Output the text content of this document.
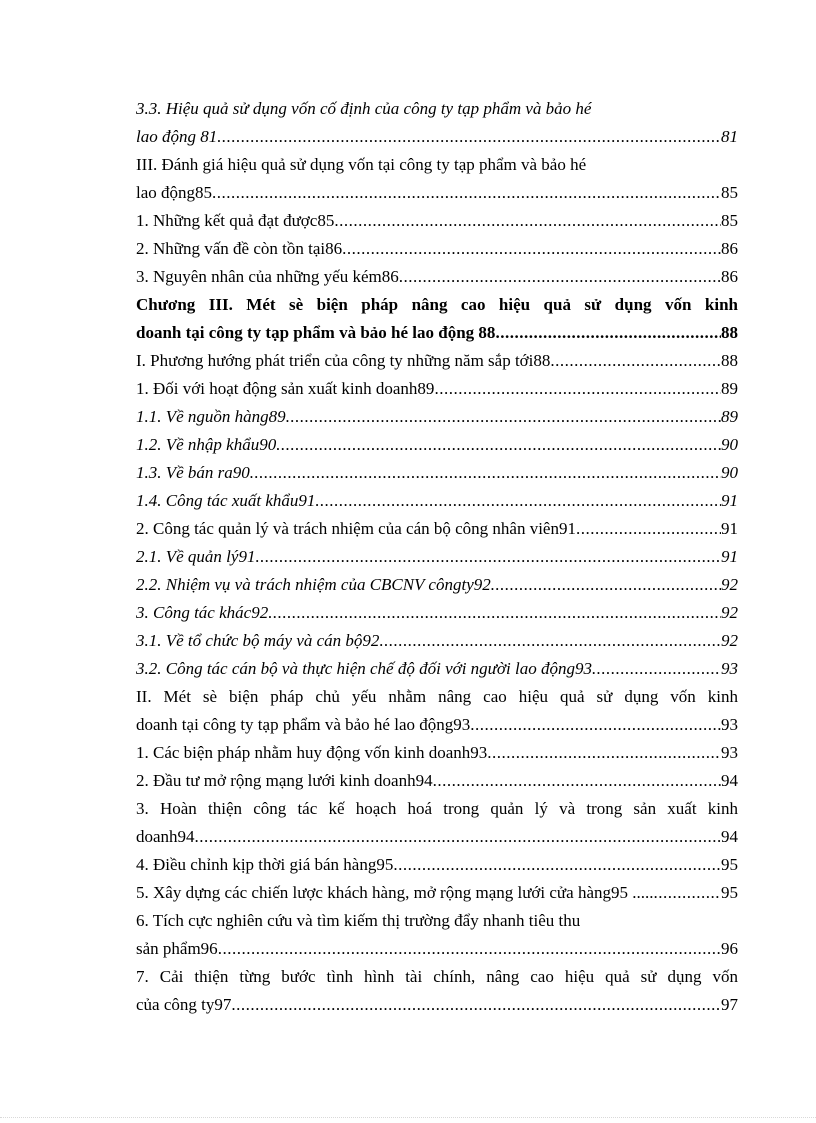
3.3. Hiệu quả sử dụng vốn cố định của công ty tạp phẩm và bảo hé
lao động 81 .....	81
III. Đánh giá hiệu quả sử dụng vốn tại công ty tạp phẩm và bảo hé
lao động85 .....	85
1. Những kết quả đạt được85 .....	85
2. Những vấn đề còn tồn tại86 .....	86
3. Nguyên nhân của những yếu kém86 .....	86
Chương III. Mét sè biện pháp nâng cao hiệu quả sử dụng vốn kinh
doanh tại công ty tạp phẩm và bảo hé lao động 88 .....	88
I. Phương hướng phát triển của công ty những năm sắp tới88 .....	88
1. Đối với hoạt động sản xuất kinh doanh89 .....	89
1.1. Về nguồn hàng89 .....	89
1.2. Về nhập khẩu90 .....	90
1.3. Về bán ra90 .....	90
1.4. Công tác xuất khẩu91 .....	91
2. Công tác quản lý và trách nhiệm của cán bộ công nhân viên91 .....	91
2.1. Về quản lý91 .....	91
2.2. Nhiệm vụ và trách nhiệm của CBCNV côngty92 .....	92
3. Công tác khác92 .....	92
3.1. Về tổ chức bộ máy và cán bộ92 .....	92
3.2. Công tác cán bộ và thực hiện chế độ đối với người lao động93 .....	93
II. Mét sè biện pháp chủ yếu nhằm nâng cao hiệu quả sử dụng vốn kinh
doanh tại công ty tạp phẩm và bảo hé lao động93 .....	93
1. Các biện pháp nhằm huy động vốn kinh doanh93 .....	93
2. Đầu tư mở rộng mạng lưới kinh doanh94 .....	94
3. Hoàn thiện công tác kế hoạch hoá trong quản lý và trong sản xuất kinh
doanh94 .....	94
4. Điều chỉnh kịp thời giá bán hàng95 .....	95
5. Xây dựng các chiến lược khách hàng, mở rộng mạng lưới cửa hàng95 ..... .....	95
6. Tích cực nghiên cứu và tìm kiếm thị trường đẩy nhanh tiêu thu
sản phẩm96 .....	96
7. Cải thiện từng bước tình hình tài chính, nâng cao hiệu quả sử dụng vốn
của công ty97 .....	97
